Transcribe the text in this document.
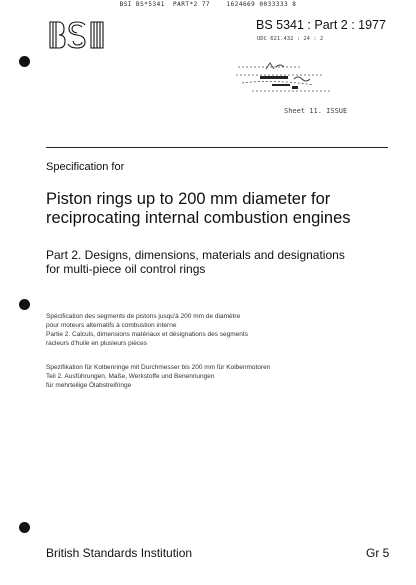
BSI BS*5341  PART*2 77    1624669 0033333 8
BS 5341 : Part 2 : 1977
UDC 621.432 : 24 : 2
Sheet 11. ISSUE
Specification for
Piston rings up to 200 mm diameter for
reciprocating internal combustion engines
Part 2. Designs, dimensions, materials and designations
for multi-piece oil control rings
Spécification des segments de pistons jusqu'à 200 mm de diamètre
pour moteurs alternatifs à combustion interne
Partie 2. Calculs, dimensions matériaux et désignations des segments
racleurs d'huile en plusieurs pièces
Spezifikation für Kolbenringe mit Durchmesser bis 200 mm für Kolbenmotoren
Teil 2. Ausführungen, Maße, Werkstoffe und Benennungen
für mehrteilige Ölabstreifringe
British Standards Institution	Gr 5
